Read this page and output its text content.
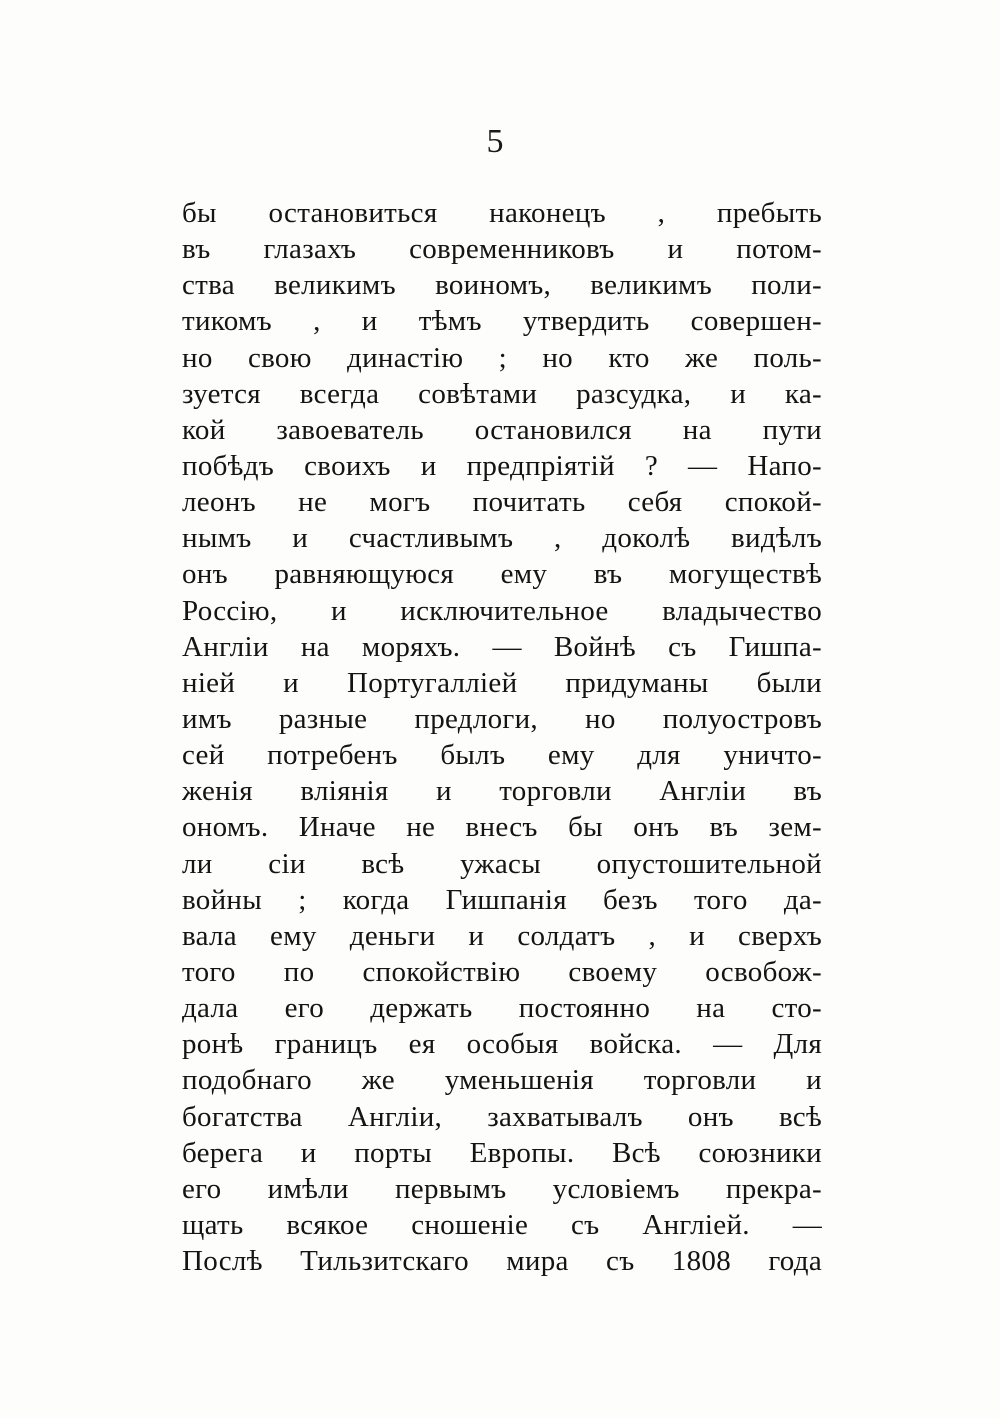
5
бы остановиться наконецъ , пребыть
въ глазахъ современниковъ и потом-
ства великимъ воиномъ, великимъ поли-
тикомъ , и тѣмъ утвердить совершен-
но свою династію ; но кто же поль-
зуется всегда совѣтами разсудка, и ка-
кой завоеватель остановился на пути
побѣдъ своихъ и предпріятій ? — Напо-
леонъ не могъ почитать себя спокой-
нымъ и счастливымъ , доколѣ видѣлъ
онъ равняющуюся ему въ могуществѣ
Россію, и исключительное владычество
Англіи на моряхъ. — Войнѣ съ Гишпа-
ніей и Португалліей придуманы были
имъ разные предлоги, но полуостровъ
сей потребенъ былъ ему для уничто-
женія вліянія и торговли Англіи въ
ономъ. Иначе не внесъ бы онъ въ зем-
ли сіи всѣ ужасы опустошительной
войны ; когда Гишпанія безъ того да-
вала ему деньги и солдатъ , и сверхъ
того по спокойствію своему освобож-
дала его держать постоянно на сто-
ронѣ границъ ея особыя войска. — Для
подобнаго же уменьшенія торговли и
богатства Англіи, захватывалъ онъ всѣ
берега и порты Европы. Всѣ союзники
его имѣли первымъ условіемъ прекра-
щать всякое сношеніе съ Англіей. —
Послѣ Тильзитскаго мира съ 1808 года
